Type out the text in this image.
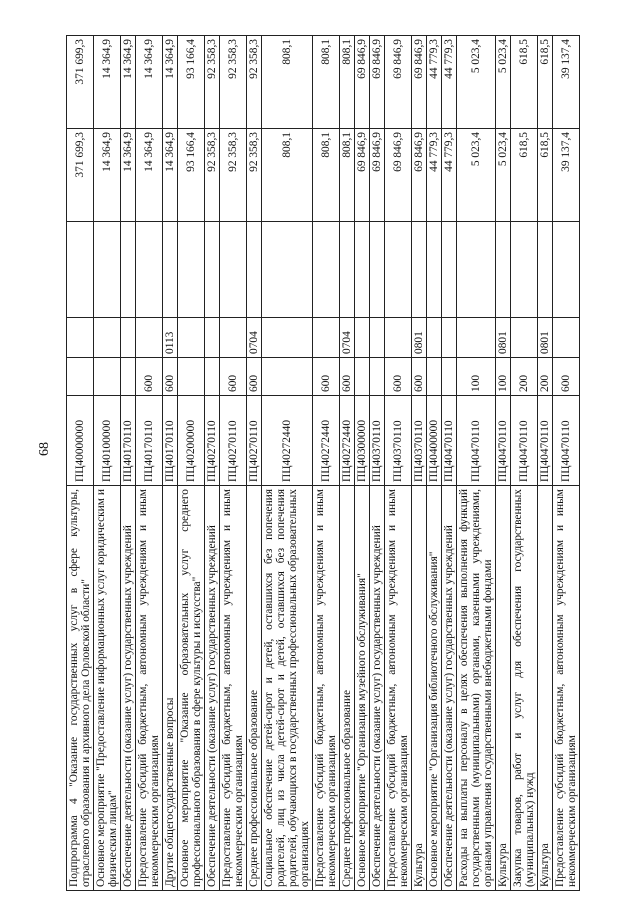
68
Подпрограмма 4 "Оказание государственных услуг в сфере культуры, отраслевого образования и архивного дела Орловской области"	ПЦ40000000				371 699,3	371 699,3
Основное мероприятие "Предоставление информационных услуг юридическим и физическим лицам"	ПЦ40100000				14 364,9	14 364,9
Обеспечение деятельности (оказание услуг) государственных учреждений	ПЦ40170110				14 364,9	14 364,9
Предоставление субсидий бюджетным, автономным учреждениям и иным некоммерческим организациям	ПЦ40170110	600			14 364,9	14 364,9
Другие общегосударственные вопросы	ПЦ40170110	600	0113		14 364,9	14 364,9
Основное мероприятие "Оказание образовательных услуг среднего профессионального образования в сфере культуры и искусства"	ПЦ40200000				93 166,4	93 166,4
Обеспечение деятельности (оказание услуг) государственных учреждений	ПЦ40270110				92 358,3	92 358,3
Предоставление субсидий бюджетным, автономным учреждениям и иным некоммерческим организациям	ПЦ40270110	600			92 358,3	92 358,3
Среднее профессиональное образование	ПЦ40270110	600	0704		92 358,3	92 358,3
Социальное обеспечение детей-сирот и детей, оставшихся без попечения родителей, лиц из числа детей-сирот и детей, оставшихся без попечения родителей, обучающихся в государственных профессиональных образовательных организациях	ПЦ40272440				808,1	808,1
Предоставление субсидий бюджетным, автономным учреждениям и иным некоммерческим организациям	ПЦ40272440	600			808,1	808,1
Среднее профессиональное образование	ПЦ40272440	600	0704		808,1	808,1
Основное мероприятие "Организация музейного обслуживания"	ПЦ40300000				69 846,9	69 846,9
Обеспечение деятельности (оказание услуг) государственных учреждений	ПЦ40370110				69 846,9	69 846,9
Предоставление субсидий бюджетным, автономным учреждениям и иным некоммерческим организациям	ПЦ40370110	600			69 846,9	69 846,9
Культура	ПЦ40370110	600	0801		69 846,9	69 846,9
Основное мероприятие "Организация библиотечного обслуживания"	ПЦ40400000				44 779,3	44 779,3
Обеспечение деятельности (оказание услуг) государственных учреждений	ПЦ40470110				44 779,3	44 779,3
Расходы на выплаты персоналу в целях обеспечения выполнения функций государственными (муниципальными) органами, казенными учреждениями, органами управления государственными внебюджетными фондами	ПЦ40470110	100			5 023,4	5 023,4
Культура	ПЦ40470110	100	0801		5 023,4	5 023,4
Закупка товаров, работ и услуг для обеспечения государственных (муниципальных) нужд	ПЦ40470110	200			618,5	618,5
Культура	ПЦ40470110	200	0801		618,5	618,5
Предоставление субсидий бюджетным, автономным учреждениям и иным некоммерческим организациям	ПЦ40470110	600			39 137,4	39 137,4
